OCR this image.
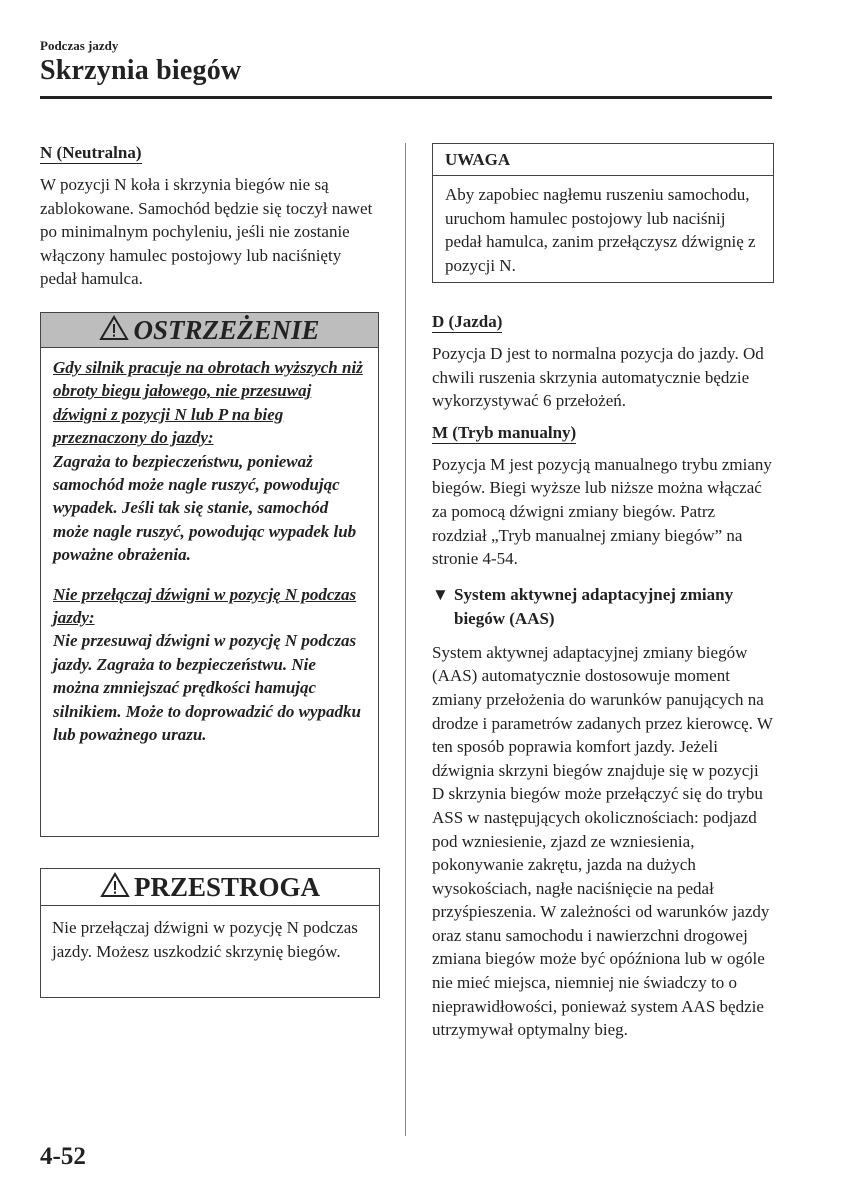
Podczas jazdy
Skrzynia biegów
N (Neutralna)

W pozycji N koła i skrzynia biegów nie są zablokowane. Samochód będzie się toczył nawet po minimalnym pochyleniu, jeśli nie zostanie włączony hamulec postojowy lub naciśnięty pedał hamulca.

OSTRZEŻENIE

Gdy silnik pracuje na obrotach wyższych niż obroty biegu jałowego, nie przesuwaj dźwigni z pozycji N lub P na bieg przeznaczony do jazdy:

Zagraża to bezpieczeństwu, ponieważ samochód może nagle ruszyć, powodując wypadek. Jeśli tak się stanie, samochód może nagle ruszyć, powodując wypadek lub poważne obrażenia.

Nie przełączaj dźwigni w pozycję N podczas jazdy:

Nie przesuwaj dźwigni w pozycję N podczas jazdy. Zagraża to bezpieczeństwu. Nie można zmniejszać prędkości hamując silnikiem. Może to doprowadzić do wypadku lub poważnego urazu.

PRZESTROGA
Nie przełączaj dźwigni w pozycję N podczas jazdy. Możesz uszkodzić skrzynię biegów.
UWAGA
Aby zapobiec nagłemu ruszeniu samochodu, uruchom hamulec postojowy lub naciśnij pedał hamulca, zanim przełączysz dźwignię z pozycji N.
D (Jazda)

Pozycja D jest to normalna pozycja do jazdy. Od chwili ruszenia skrzynia automatycznie będzie wykorzystywać 6 przełożeń.

M (Tryb manualny)

Pozycja M jest pozycją manualnego trybu zmiany biegów. Biegi wyższe lub niższe można włączać za pomocą dźwigni zmiany biegów. Patrz rozdział „Tryb manualnej zmiany biegów” na stronie 4-54.

▼ System aktywnej adaptacyjnej zmiany biegów (AAS)

System aktywnej adaptacyjnej zmiany biegów (AAS) automatycznie dostosowuje moment zmiany przełożenia do warunków panujących na drodze i parametrów zadanych przez kierowcę. W ten sposób poprawia komfort jazdy. Jeżeli dźwignia skrzyni biegów znajduje się w pozycji D skrzynia biegów może przełączyć się do trybu ASS w następujących okolicznościach: podjazd pod wzniesienie, zjazd ze wzniesienia, pokonywanie zakrętu, jazda na dużych wysokościach, nagłe naciśnięcie na pedał przyśpieszenia. W zależności od warunków jazdy oraz stanu samochodu i nawierzchni drogowej zmiana biegów może być opóźniona lub w ogóle nie mieć miejsca, niemniej nie świadczy to o nieprawidłowości, ponieważ system AAS będzie utrzymywał optymalny bieg.

4-52
